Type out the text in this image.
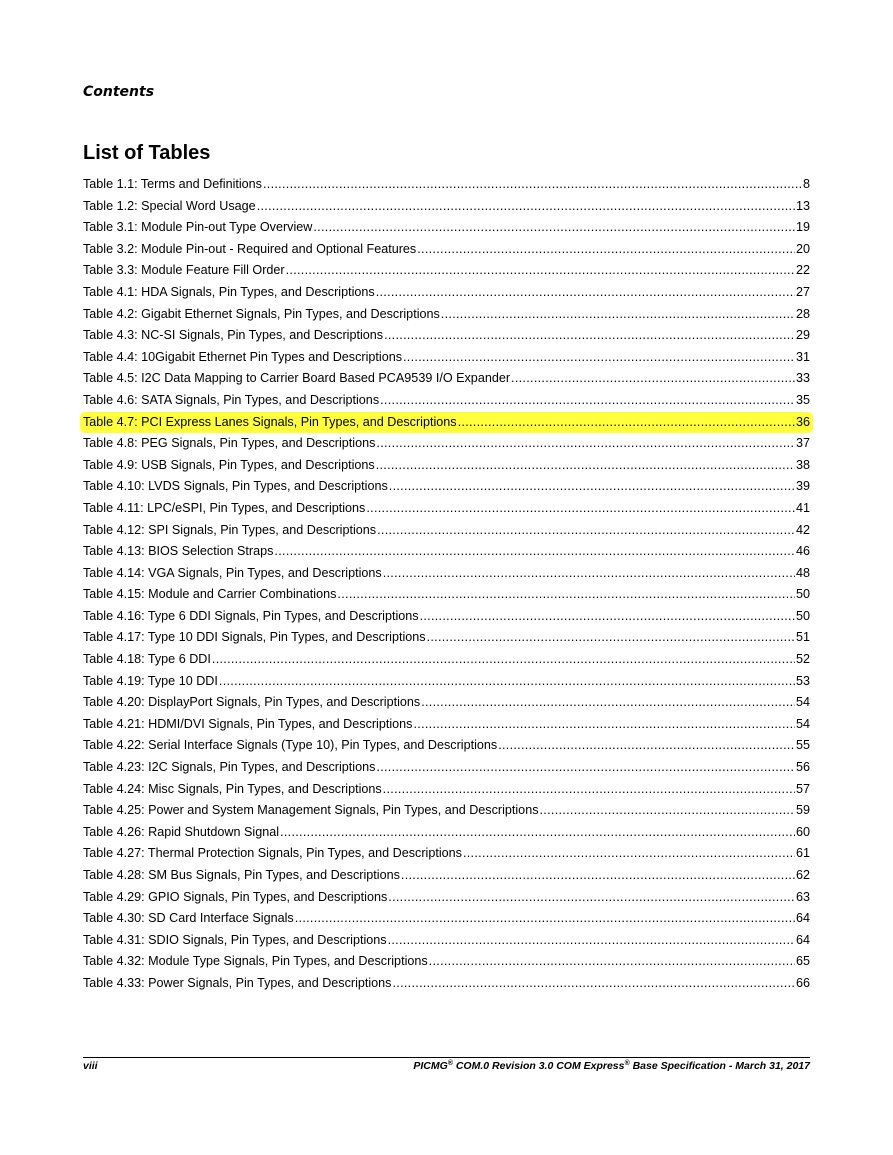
Contents
List of Tables
Table 1.1: Terms and Definitions .....	8
Table 1.2: Special Word Usage .....	13
Table 3.1: Module Pin-out Type Overview .....	19
Table 3.2: Module Pin-out - Required and Optional Features .....	20
Table 3.3: Module Feature Fill Order .....	22
Table 4.1: HDA Signals, Pin Types, and Descriptions .....	27
Table 4.2: Gigabit Ethernet Signals, Pin Types, and Descriptions .....	28
Table 4.3: NC-SI Signals, Pin Types, and Descriptions .....	29
Table 4.4: 10Gigabit Ethernet Pin Types and Descriptions .....	31
Table 4.5: I2C Data Mapping to Carrier Board Based PCA9539 I/O Expander .....	33
Table 4.6: SATA Signals, Pin Types, and Descriptions .....	35
Table 4.7: PCI Express Lanes Signals, Pin Types, and Descriptions .....	36
Table 4.8: PEG Signals, Pin Types, and Descriptions .....	37
Table 4.9: USB Signals, Pin Types, and Descriptions .....	38
Table 4.10: LVDS Signals, Pin Types, and Descriptions .....	39
Table 4.11: LPC/eSPI, Pin Types, and Descriptions .....	41
Table 4.12: SPI Signals, Pin Types, and Descriptions .....	42
Table 4.13: BIOS Selection Straps .....	46
Table 4.14: VGA Signals, Pin Types, and Descriptions .....	48
Table 4.15: Module and Carrier Combinations .....	50
Table 4.16: Type 6 DDI Signals, Pin Types, and Descriptions .....	50
Table 4.17: Type 10 DDI Signals, Pin Types, and Descriptions .....	51
Table 4.18: Type 6 DDI .....	52
Table 4.19: Type 10 DDI .....	53
Table 4.20: DisplayPort Signals, Pin Types, and Descriptions .....	54
Table 4.21: HDMI/DVI Signals, Pin Types, and Descriptions .....	54
Table 4.22: Serial Interface Signals (Type 10), Pin Types, and Descriptions .....	55
Table 4.23: I2C Signals, Pin Types, and Descriptions .....	56
Table 4.24: Misc Signals, Pin Types, and Descriptions .....	57
Table 4.25: Power and System Management Signals, Pin Types, and Descriptions .....	59
Table 4.26: Rapid Shutdown Signal .....	60
Table 4.27: Thermal Protection Signals, Pin Types, and Descriptions .....	61
Table 4.28: SM Bus Signals, Pin Types, and Descriptions .....	62
Table 4.29: GPIO Signals, Pin Types, and Descriptions .....	63
Table 4.30: SD Card Interface Signals .....	64
Table 4.31: SDIO Signals, Pin Types, and Descriptions .....	64
Table 4.32: Module Type Signals, Pin Types, and Descriptions .....	65
Table 4.33: Power Signals, Pin Types, and Descriptions .....	66
viii	PICMG® COM.0 Revision 3.0 COM Express® Base Specification - March 31, 2017
